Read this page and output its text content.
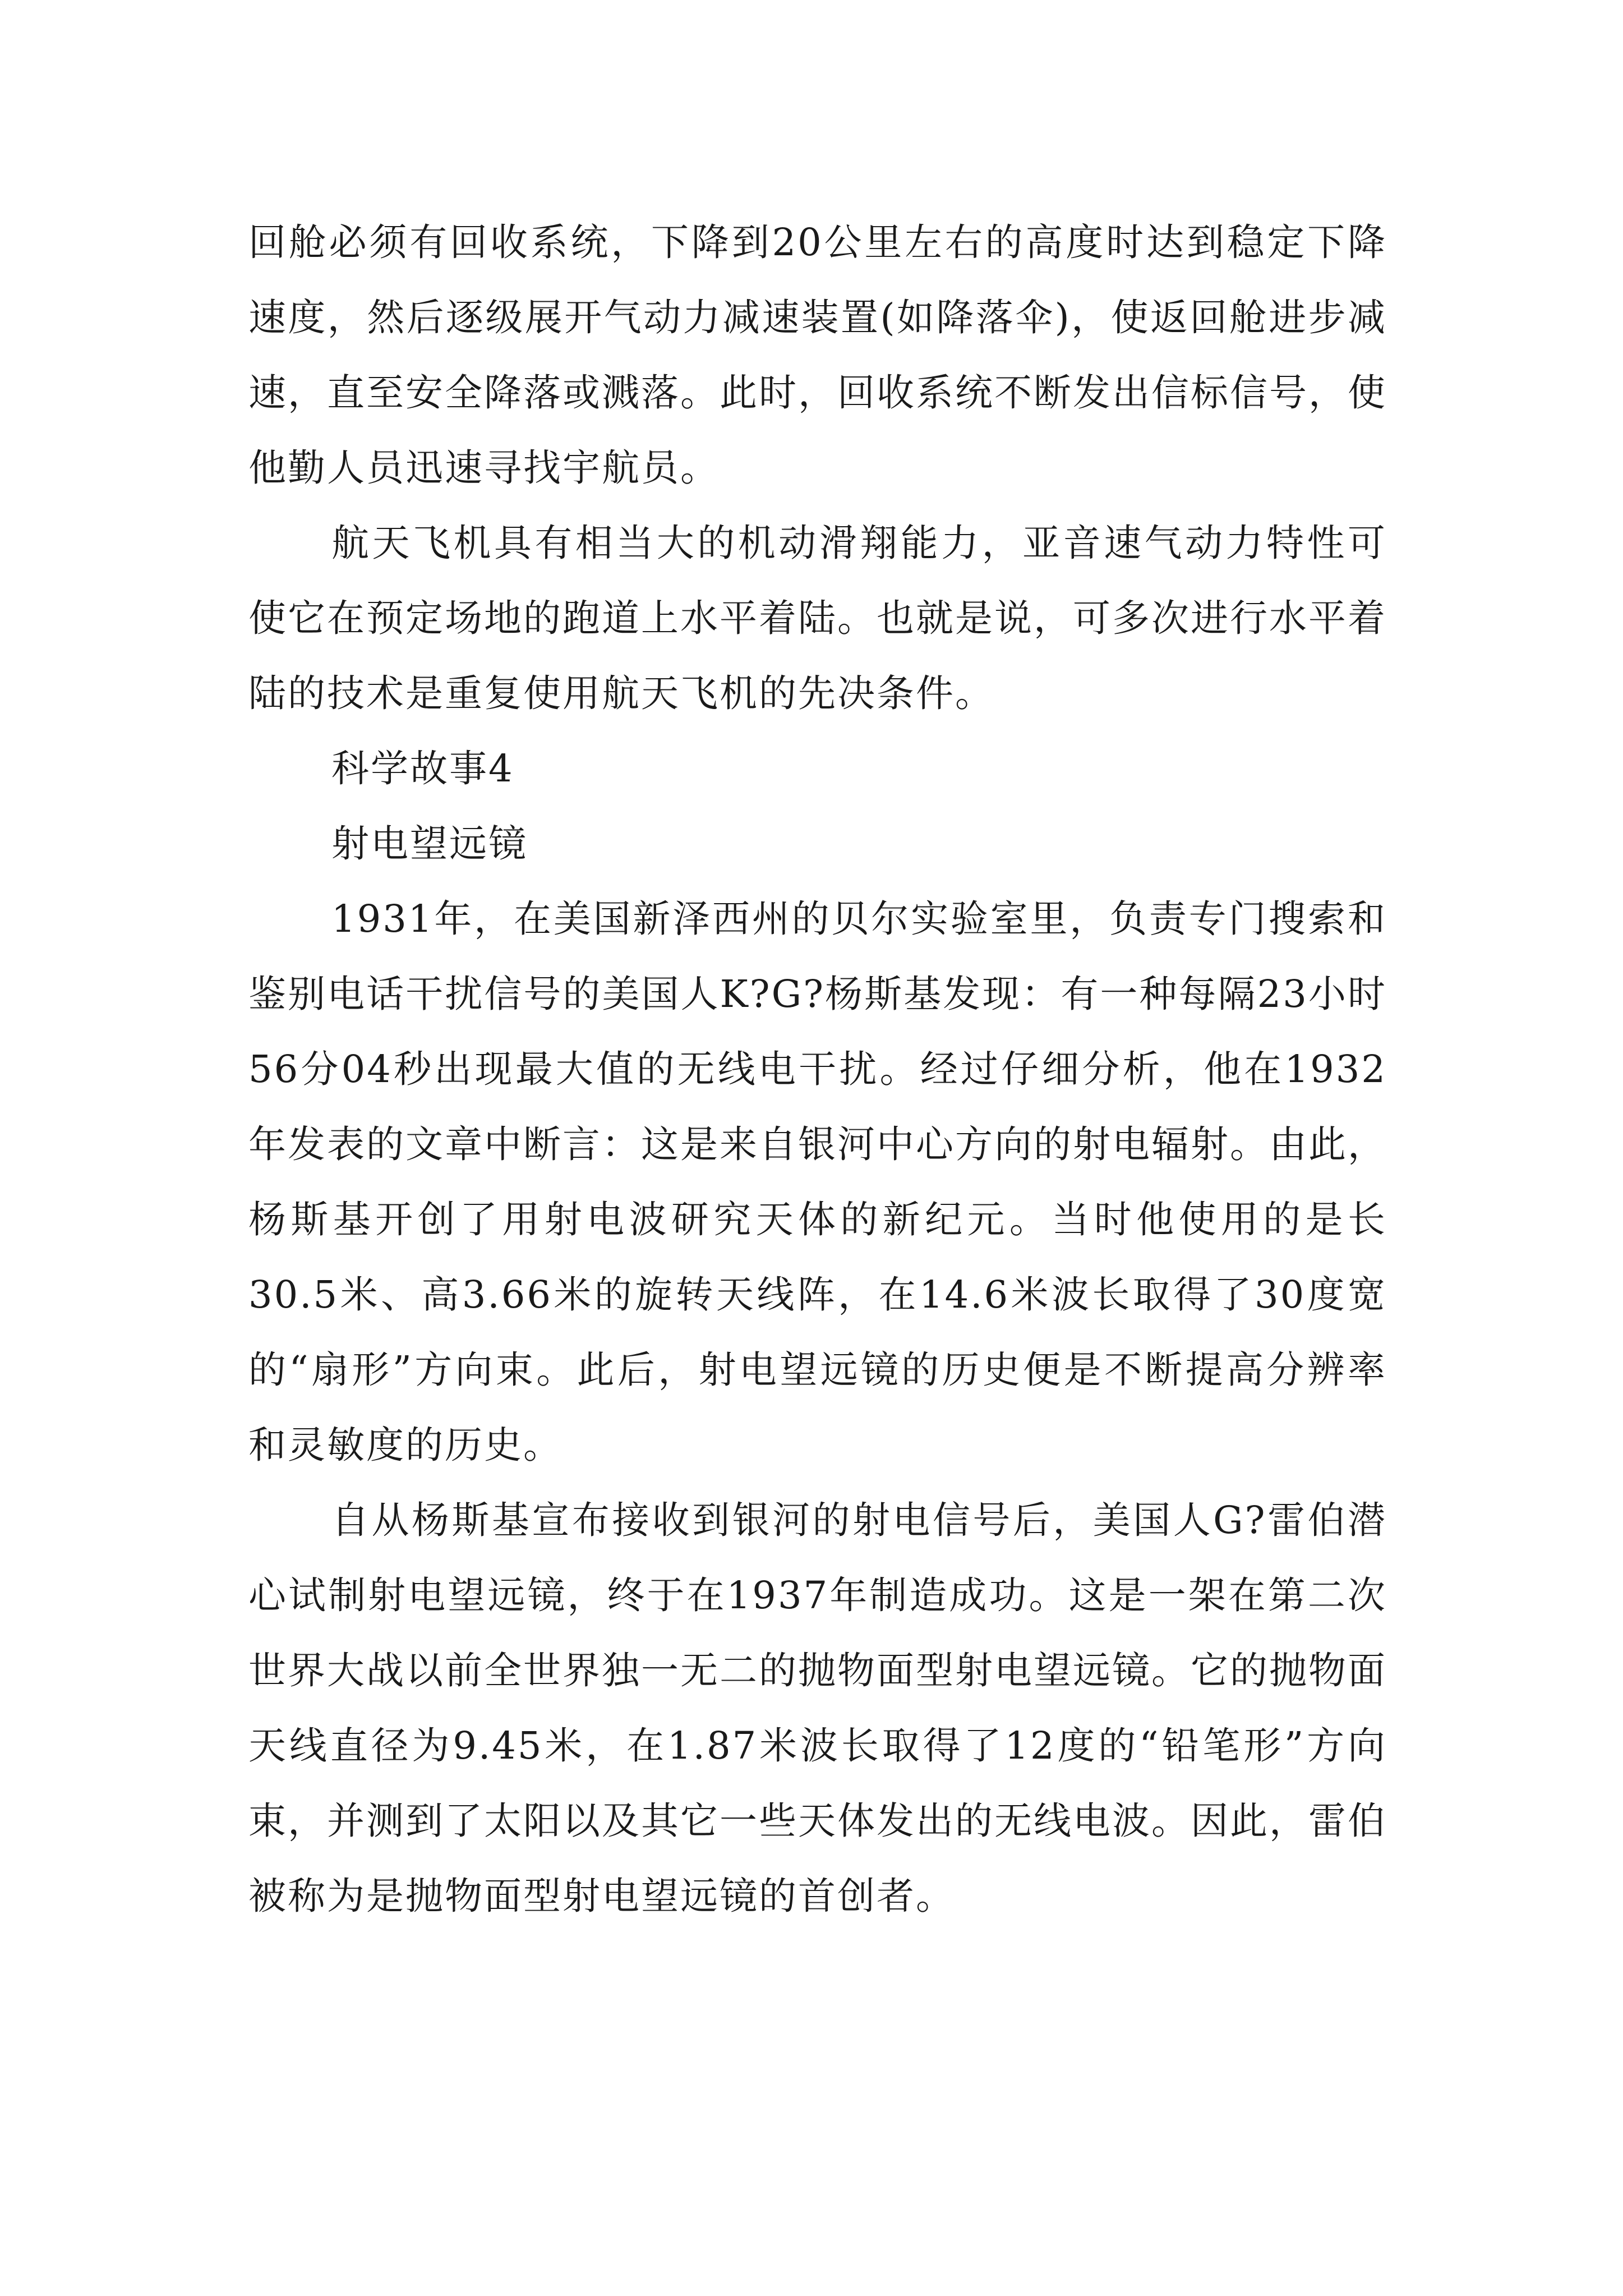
回舱必须有回收系统，下降到20公里左右的高度时达到稳定下降速度，然后逐级展开气动力减速装置(如降落伞)，使返回舱进步减速，直至安全降落或溅落。此时，回收系统不断发出信标信号，使他勤人员迅速寻找宇航员。

航天飞机具有相当大的机动滑翔能力，亚音速气动力特性可使它在预定场地的跑道上水平着陆。也就是说，可多次进行水平着陆的技术是重复使用航天飞机的先决条件。

科学故事4

射电望远镜

1931年，在美国新泽西州的贝尔实验室里，负责专门搜索和鉴别电话干扰信号的美国人K?G?杨斯基发现：有一种每隔23小时56分04秒出现最大值的无线电干扰。经过仔细分析，他在1932年发表的文章中断言：这是来自银河中心方向的射电辐射。由此，杨斯基开创了用射电波研究天体的新纪元。当时他使用的是长30.5米、高3.66米的旋转天线阵，在14.6米波长取得了30度宽的“扇形”方向束。此后，射电望远镜的历史便是不断提高分辨率和灵敏度的历史。

自从杨斯基宣布接收到银河的射电信号后，美国人G?雷伯潜心试制射电望远镜，终于在1937年制造成功。这是一架在第二次世界大战以前全世界独一无二的抛物面型射电望远镜。它的抛物面天线直径为9.45米，在1.87米波长取得了12度的“铅笔形”方向束，并测到了太阳以及其它一些天体发出的无线电波。因此，雷伯被称为是抛物面型射电望远镜的首创者。
